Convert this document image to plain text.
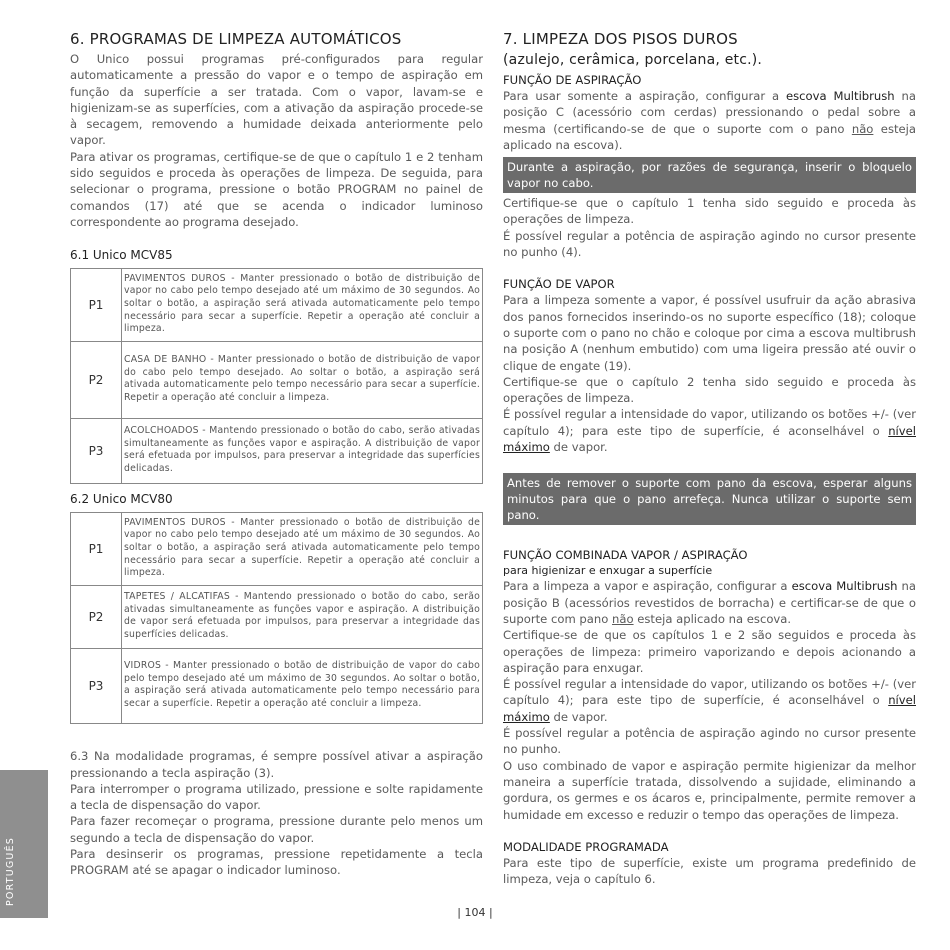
6. PROGRAMAS DE LIMPEZA AUTOMÁTICOS

O Unico possui programas pré-configurados para regular automaticamente a pressão do vapor e o tempo de aspiração em função da superfície a ser tratada. Com o vapor, lavam-se e higienizam-se as superfícies, com a ativação da aspiração procede-se à secagem, removendo a humidade deixada anteriormente pelo vapor.

Para ativar os programas, certifique-se de que o capítulo 1 e 2 tenham sido seguidos e proceda às operações de limpeza. De seguida, para selecionar o programa, pressione o botão PROGRAM no painel de comandos (17) até que se acenda o indicador luminoso correspondente ao programa desejado.

6.1 Unico MCV85
P1	PAVIMENTOS DUROS - Manter pressionado o botão de distribuição de vapor no cabo pelo tempo desejado até um máximo de 30 segundos. Ao soltar o botão, a aspiração será ativada automaticamente pelo tempo necessário para secar a superfície. Repetir a operação até concluir a limpeza.
P2	CASA DE BANHO - Manter pressionado o botão de distribuição de vapor do cabo pelo tempo desejado. Ao soltar o botão, a aspiração será ativada automaticamente pelo tempo necessário para secar a superfície. Repetir a operação até concluir a limpeza.
P3	ACOLCHOADOS - Mantendo pressionado o botão do cabo, serão ativadas simultaneamente as funções vapor e aspiração. A distribuição de vapor será efetuada por impulsos, para preservar a integridade das superfícies delicadas.
6.2 Unico MCV80
P1	PAVIMENTOS DUROS - Manter pressionado o botão de distribuição de vapor no cabo pelo tempo desejado até um máximo de 30 segundos. Ao soltar o botão, a aspiração será ativada automaticamente pelo tempo necessário para secar a superfície. Repetir a operação até concluir a limpeza.
P2	TAPETES / ALCATIFAS - Mantendo pressionado o botão do cabo, serão ativadas simultaneamente as funções vapor e aspiração. A distribuição de vapor será efetuada por impulsos, para preservar a integridade das superfícies delicadas.
P3	VIDROS - Manter pressionado o botão de distribuição de vapor do cabo pelo tempo desejado até um máximo de 30 segundos. Ao soltar o botão, a aspiração será ativada automaticamente pelo tempo necessário para secar a superfície. Repetir a operação até concluir a limpeza.

6.3 Na modalidade programas, é sempre possível ativar a aspiração pressionando a tecla aspiração (3).

Para interromper o programa utilizado, pressione e solte rapidamente a tecla de dispensação do vapor.

Para fazer recomeçar o programa, pressione durante pelo menos um segundo a tecla de dispensação do vapor.

Para desinserir os programas, pressione repetidamente a tecla PROGRAM até se apagar o indicador luminoso.

7. LIMPEZA DOS PISOS DUROS
(azulejo, cerâmica, porcelana, etc.).
FUNÇÃO DE ASPIRAÇÃO

Para usar somente a aspiração, configurar a escova Multibrush na posição C (acessório com cerdas) pressionando o pedal sobre a mesma (certificando-se de que o suporte com o pano não esteja aplicado na escova).

Durante a aspiração, por razões de segurança, inserir o bloquelo vapor no cabo.

Certifique-se que o capítulo 1 tenha sido seguido e proceda às operações de limpeza.

É possível regular a potência de aspiração agindo no cursor presente no punho (4).

FUNÇÃO DE VAPOR

Para a limpeza somente a vapor, é possível usufruir da ação abrasiva dos panos fornecidos inserindo-os no suporte específico (18); coloque o suporte com o pano no chão e coloque por cima a escova multibrush na posição A (nenhum embutido) com uma ligeira pressão até ouvir o clique de engate (19).

Certifique-se que o capítulo 2 tenha sido seguido e proceda às operações de limpeza.

É possível regular a intensidade do vapor, utilizando os botões +/- (ver capítulo 4); para este tipo de superfície, é aconselhável o nível máximo de vapor.

Antes de remover o suporte com pano da escova, esperar alguns minutos para que o pano arrefeça. Nunca utilizar o suporte sem pano.
FUNÇÃO COMBINADA VAPOR / ASPIRAÇÃO
para higienizar e enxugar a superfície

Para a limpeza a vapor e aspiração, configurar a escova Multibrush na posição B (acessórios revestidos de borracha) e certificar-se de que o suporte com pano não esteja aplicado na escova.

Certifique-se de que os capítulos 1 e 2 são seguidos e proceda às operações de limpeza: primeiro vaporizando e depois acionando a aspiração para enxugar.

É possível regular a intensidade do vapor, utilizando os botões +/- (ver capítulo 4); para este tipo de superfície, é aconselhável o nível máximo de vapor.

É possível regular a potência de aspiração agindo no cursor presente no punho.

O uso combinado de vapor e aspiração permite higienizar da melhor maneira a superfície tratada, dissolvendo a sujidade, eliminando a gordura, os germes e os ácaros e, principalmente, permite remover a humidade em excesso e reduzir o tempo das operações de limpeza.

MODALIDADE PROGRAMADA

Para este tipo de superfície, existe um programa predefinido de limpeza, veja o capítulo 6.

PORTUGUÊS
| 104 |
